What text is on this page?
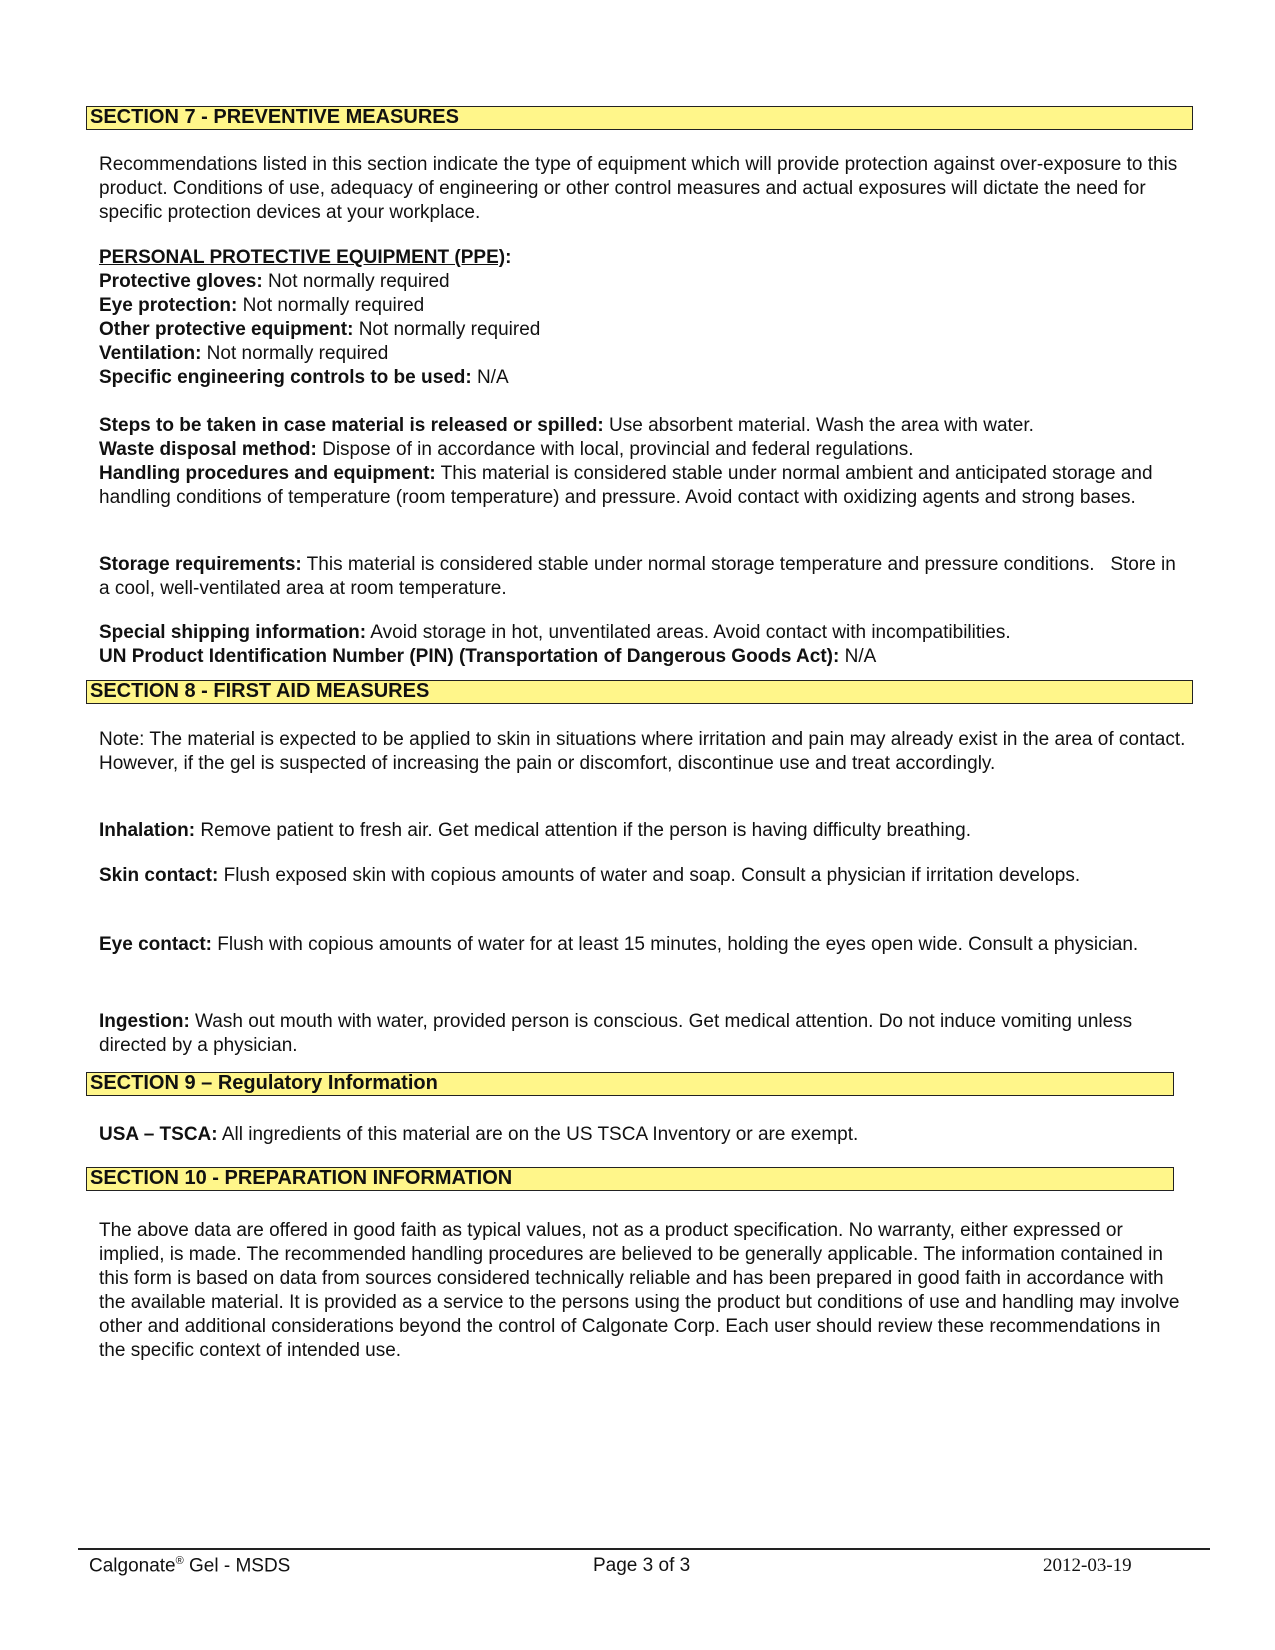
SECTION 7 - PREVENTIVE MEASURES

Recommendations listed in this section indicate the type of equipment which will provide protection against over-exposure to this product. Conditions of use, adequacy of engineering or other control measures and actual exposures will dictate the need for specific protection devices at your workplace.

PERSONAL PROTECTIVE EQUIPMENT (PPE):

Protective gloves: Not normally required

Eye protection: Not normally required

Other protective equipment: Not normally required

Ventilation: Not normally required

Specific engineering controls to be used: N/A

Steps to be taken in case material is released or spilled: Use absorbent material. Wash the area with water.

Waste disposal method: Dispose of in accordance with local, provincial and federal regulations.

Handling procedures and equipment: This material is considered stable under normal ambient and anticipated storage and handling conditions of temperature (room temperature) and pressure. Avoid contact with oxidizing agents and strong bases.

Storage requirements: This material is considered stable under normal storage temperature and pressure conditions.   Store in a cool, well-ventilated area at room temperature.

Special shipping information: Avoid storage in hot, unventilated areas. Avoid contact with incompatibilities.

UN Product Identification Number (PIN) (Transportation of Dangerous Goods Act): N/A

SECTION 8 - FIRST AID MEASURES

Note: The material is expected to be applied to skin in situations where irritation and pain may already exist in the area of contact. However, if the gel is suspected of increasing the pain or discomfort, discontinue use and treat accordingly.

Inhalation: Remove patient to fresh air. Get medical attention if the person is having difficulty breathing.

Skin contact: Flush exposed skin with copious amounts of water and soap. Consult a physician if irritation develops.

Eye contact: Flush with copious amounts of water for at least 15 minutes, holding the eyes open wide. Consult a physician.

Ingestion: Wash out mouth with water, provided person is conscious. Get medical attention. Do not induce vomiting unless directed by a physician.

SECTION 9 – Regulatory Information

USA – TSCA: All ingredients of this material are on the US TSCA Inventory or are exempt.

SECTION 10 - PREPARATION INFORMATION

The above data are offered in good faith as typical values, not as a product specification. No warranty, either expressed or implied, is made. The recommended handling procedures are believed to be generally applicable. The information contained in this form is based on data from sources considered technically reliable and has been prepared in good faith in accordance with the available material. It is provided as a service to the persons using the product but conditions of use and handling may involve other and additional considerations beyond the control of Calgonate Corp. Each user should review these recommendations in the specific context of intended use.

Calgonate® Gel - MSDS	Page 3 of 3	2012-03-19
